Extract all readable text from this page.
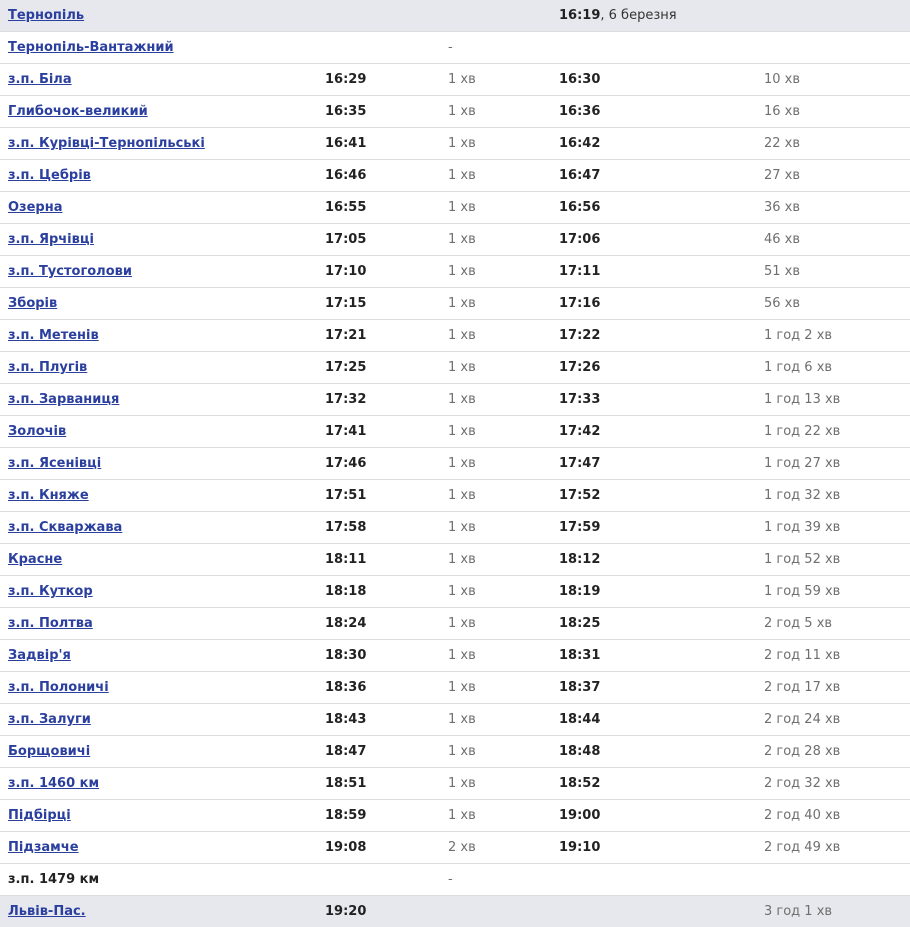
Тернопіль			16:19, 6 березня	
Тернопіль-Вантажний		-		
з.п. Біла	16:29	1 хв	16:30	10 хв
Глибочок-великий	16:35	1 хв	16:36	16 хв
з.п. Курівці-Тернопільські	16:41	1 хв	16:42	22 хв
з.п. Цебрів	16:46	1 хв	16:47	27 хв
Озерна	16:55	1 хв	16:56	36 хв
з.п. Ярчівці	17:05	1 хв	17:06	46 хв
з.п. Тустоголови	17:10	1 хв	17:11	51 хв
Зборів	17:15	1 хв	17:16	56 хв
з.п. Метенів	17:21	1 хв	17:22	1 год 2 хв
з.п. Плугів	17:25	1 хв	17:26	1 год 6 хв
з.п. Зарваниця	17:32	1 хв	17:33	1 год 13 хв
Золочів	17:41	1 хв	17:42	1 год 22 хв
з.п. Ясенівці	17:46	1 хв	17:47	1 год 27 хв
з.п. Княже	17:51	1 хв	17:52	1 год 32 хв
з.п. Скваржава	17:58	1 хв	17:59	1 год 39 хв
Красне	18:11	1 хв	18:12	1 год 52 хв
з.п. Куткор	18:18	1 хв	18:19	1 год 59 хв
з.п. Полтва	18:24	1 хв	18:25	2 год 5 хв
Задвір'я	18:30	1 хв	18:31	2 год 11 хв
з.п. Полоничі	18:36	1 хв	18:37	2 год 17 хв
з.п. Залуги	18:43	1 хв	18:44	2 год 24 хв
Борщовичі	18:47	1 хв	18:48	2 год 28 хв
з.п. 1460 км	18:51	1 хв	18:52	2 год 32 хв
Підбірці	18:59	1 хв	19:00	2 год 40 хв
Підзамче	19:08	2 хв	19:10	2 год 49 хв
з.п. 1479 км		-		
Львів-Пас.	19:20			3 год 1 хв
